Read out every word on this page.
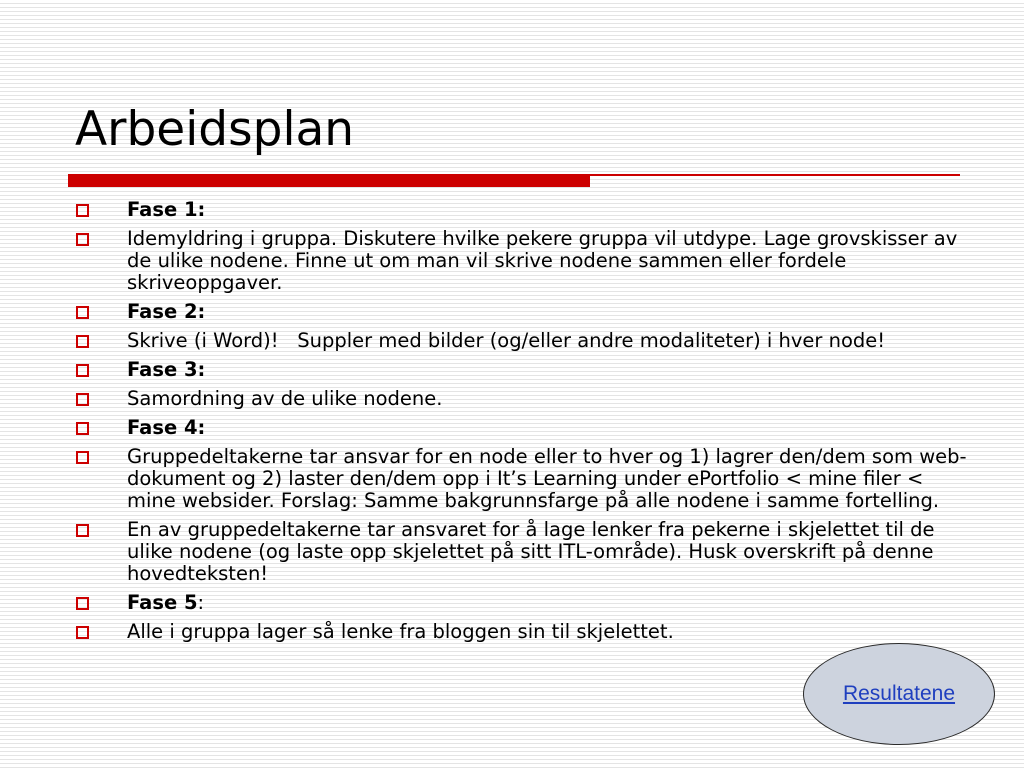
Arbeidsplan
Fase 1:
Idemyldring i gruppa. Diskutere hvilke pekere gruppa vil utdype. Lage grovskisser av de ulike nodene. Finne ut om man vil skrive nodene sammen eller fordele skriveoppgaver.
Fase 2:
Skrive (i Word)!   Suppler med bilder (og/eller andre modaliteter) i hver node!
Fase 3:
Samordning av de ulike nodene.
Fase 4:
Gruppedeltakerne tar ansvar for en node eller to hver og 1) lagrer den/dem som web-dokument og 2) laster den/dem opp i It’s Learning under ePortfolio < mine filer < mine websider. Forslag: Samme bakgrunnsfarge på alle nodene i samme fortelling.
En av gruppedeltakerne tar ansvaret for å lage lenker fra pekerne i skjelettet til de ulike nodene (og laste opp skjelettet på sitt ITL-område). Husk overskrift på denne hovedteksten!
Fase 5:
Alle i gruppa lager så lenke fra bloggen sin til skjelettet.
Resultatene
